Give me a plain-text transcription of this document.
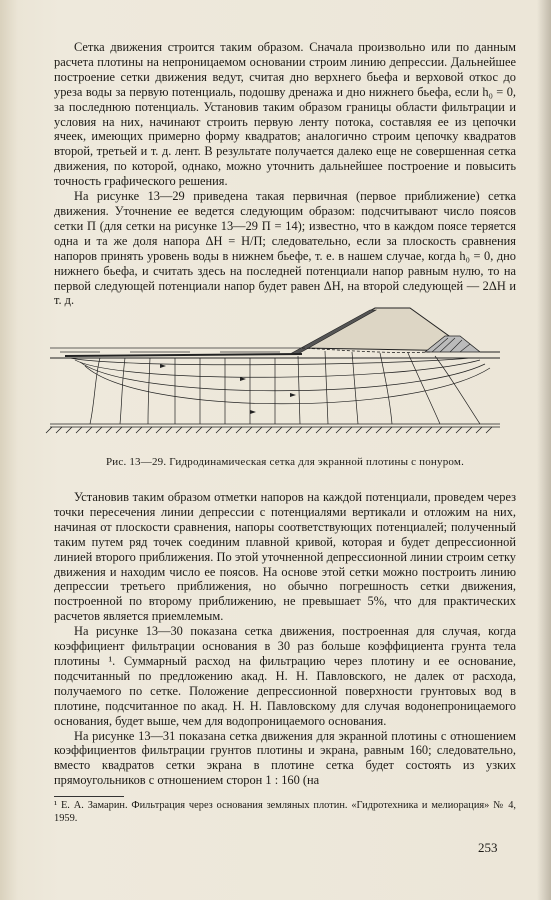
Сетка движения строится таким образом. Сначала произвольно или по данным расчета плотины на непроницаемом основании строим линию депрессии. Дальнейшее построение сетки движения ведут, считая дно верхнего бьефа и верховой откос до уреза воды за первую потенциаль, подошву дренажа и дно нижнего бьефа, если h₀ = 0, за последнюю потенциаль. Установив таким образом границы области фильтрации и условия на них, начинают строить первую ленту потока, составляя ее из цепочки ячеек, имеющих примерно форму квадратов; аналогично строим цепочку квадратов второй, третьей и т. д. лент. В результате получается далеко еще не совершенная сетка движения, по которой, однако, можно уточнить дальнейшее построение и повысить точность графического решения.

На рисунке 13—29 приведена такая первичная (первое приближение) сетка движения. Уточнение ее ведется следующим образом: подсчитывают число поясов сетки П (для сетки на рисунке 13—29 П = 14); известно, что в каждом поясе теряется одна и та же доля напора ΔH = H/П; следовательно, если за плоскость сравнения напоров принять уровень воды в нижнем бьефе, т. е. в нашем случае, когда h₀ = 0, дно нижнего бьефа, и считать здесь на последней потенциали напор равным нулю, то на первой следующей потенциали напор будет равен ΔH, на второй следующей — 2ΔH и т. д.

Рис. 13—29. Гидродинамическая сетка для экранной плотины с понуром.

Установив таким образом отметки напоров на каждой потенциали, проведем через точки пересечения линии депрессии с потенциалями вертикали и отложим на них, начиная от плоскости сравнения, напоры соответствующих потенциалей; полученный таким путем ряд точек соединим плавной кривой, которая и будет депрессионной линией второго приближения. По этой уточненной депрессионной линии строим сетку движения и находим число ее поясов. На основе этой сетки можно построить линию депрессии третьего приближения, но обычно погрешность сетки движения, построенной по второму приближению, не превышает 5%, что для практических расчетов является приемлемым.

На рисунке 13—30 показана сетка движения, построенная для случая, когда коэффициент фильтрации основания в 30 раз больше коэффициента грунта тела плотины ¹. Суммарный расход на фильтрацию через плотину и ее основание, подсчитанный по предложению акад. Н. Н. Павловского, не далек от расхода, получаемого по сетке. Положение депрессионной поверхности грунтовых вод в плотине, подсчитанное по акад. Н. Н. Павловскому для случая водонепроницаемого основания, будет выше, чем для водопроницаемого основания.

На рисунке 13—31 показана сетка движения для экранной плотины с отношением коэффициентов фильтрации грунтов плотины и экрана, равным 160; следовательно, вместо квадратов сетки экрана в плотине сетка будет состоять из узких прямоугольников с отношением сторон 1 : 160 (на

¹ Е. А. Замарин. Фильтрация через основания земляных плотин. «Гидротехника и мелиорация» № 4, 1959.
253
